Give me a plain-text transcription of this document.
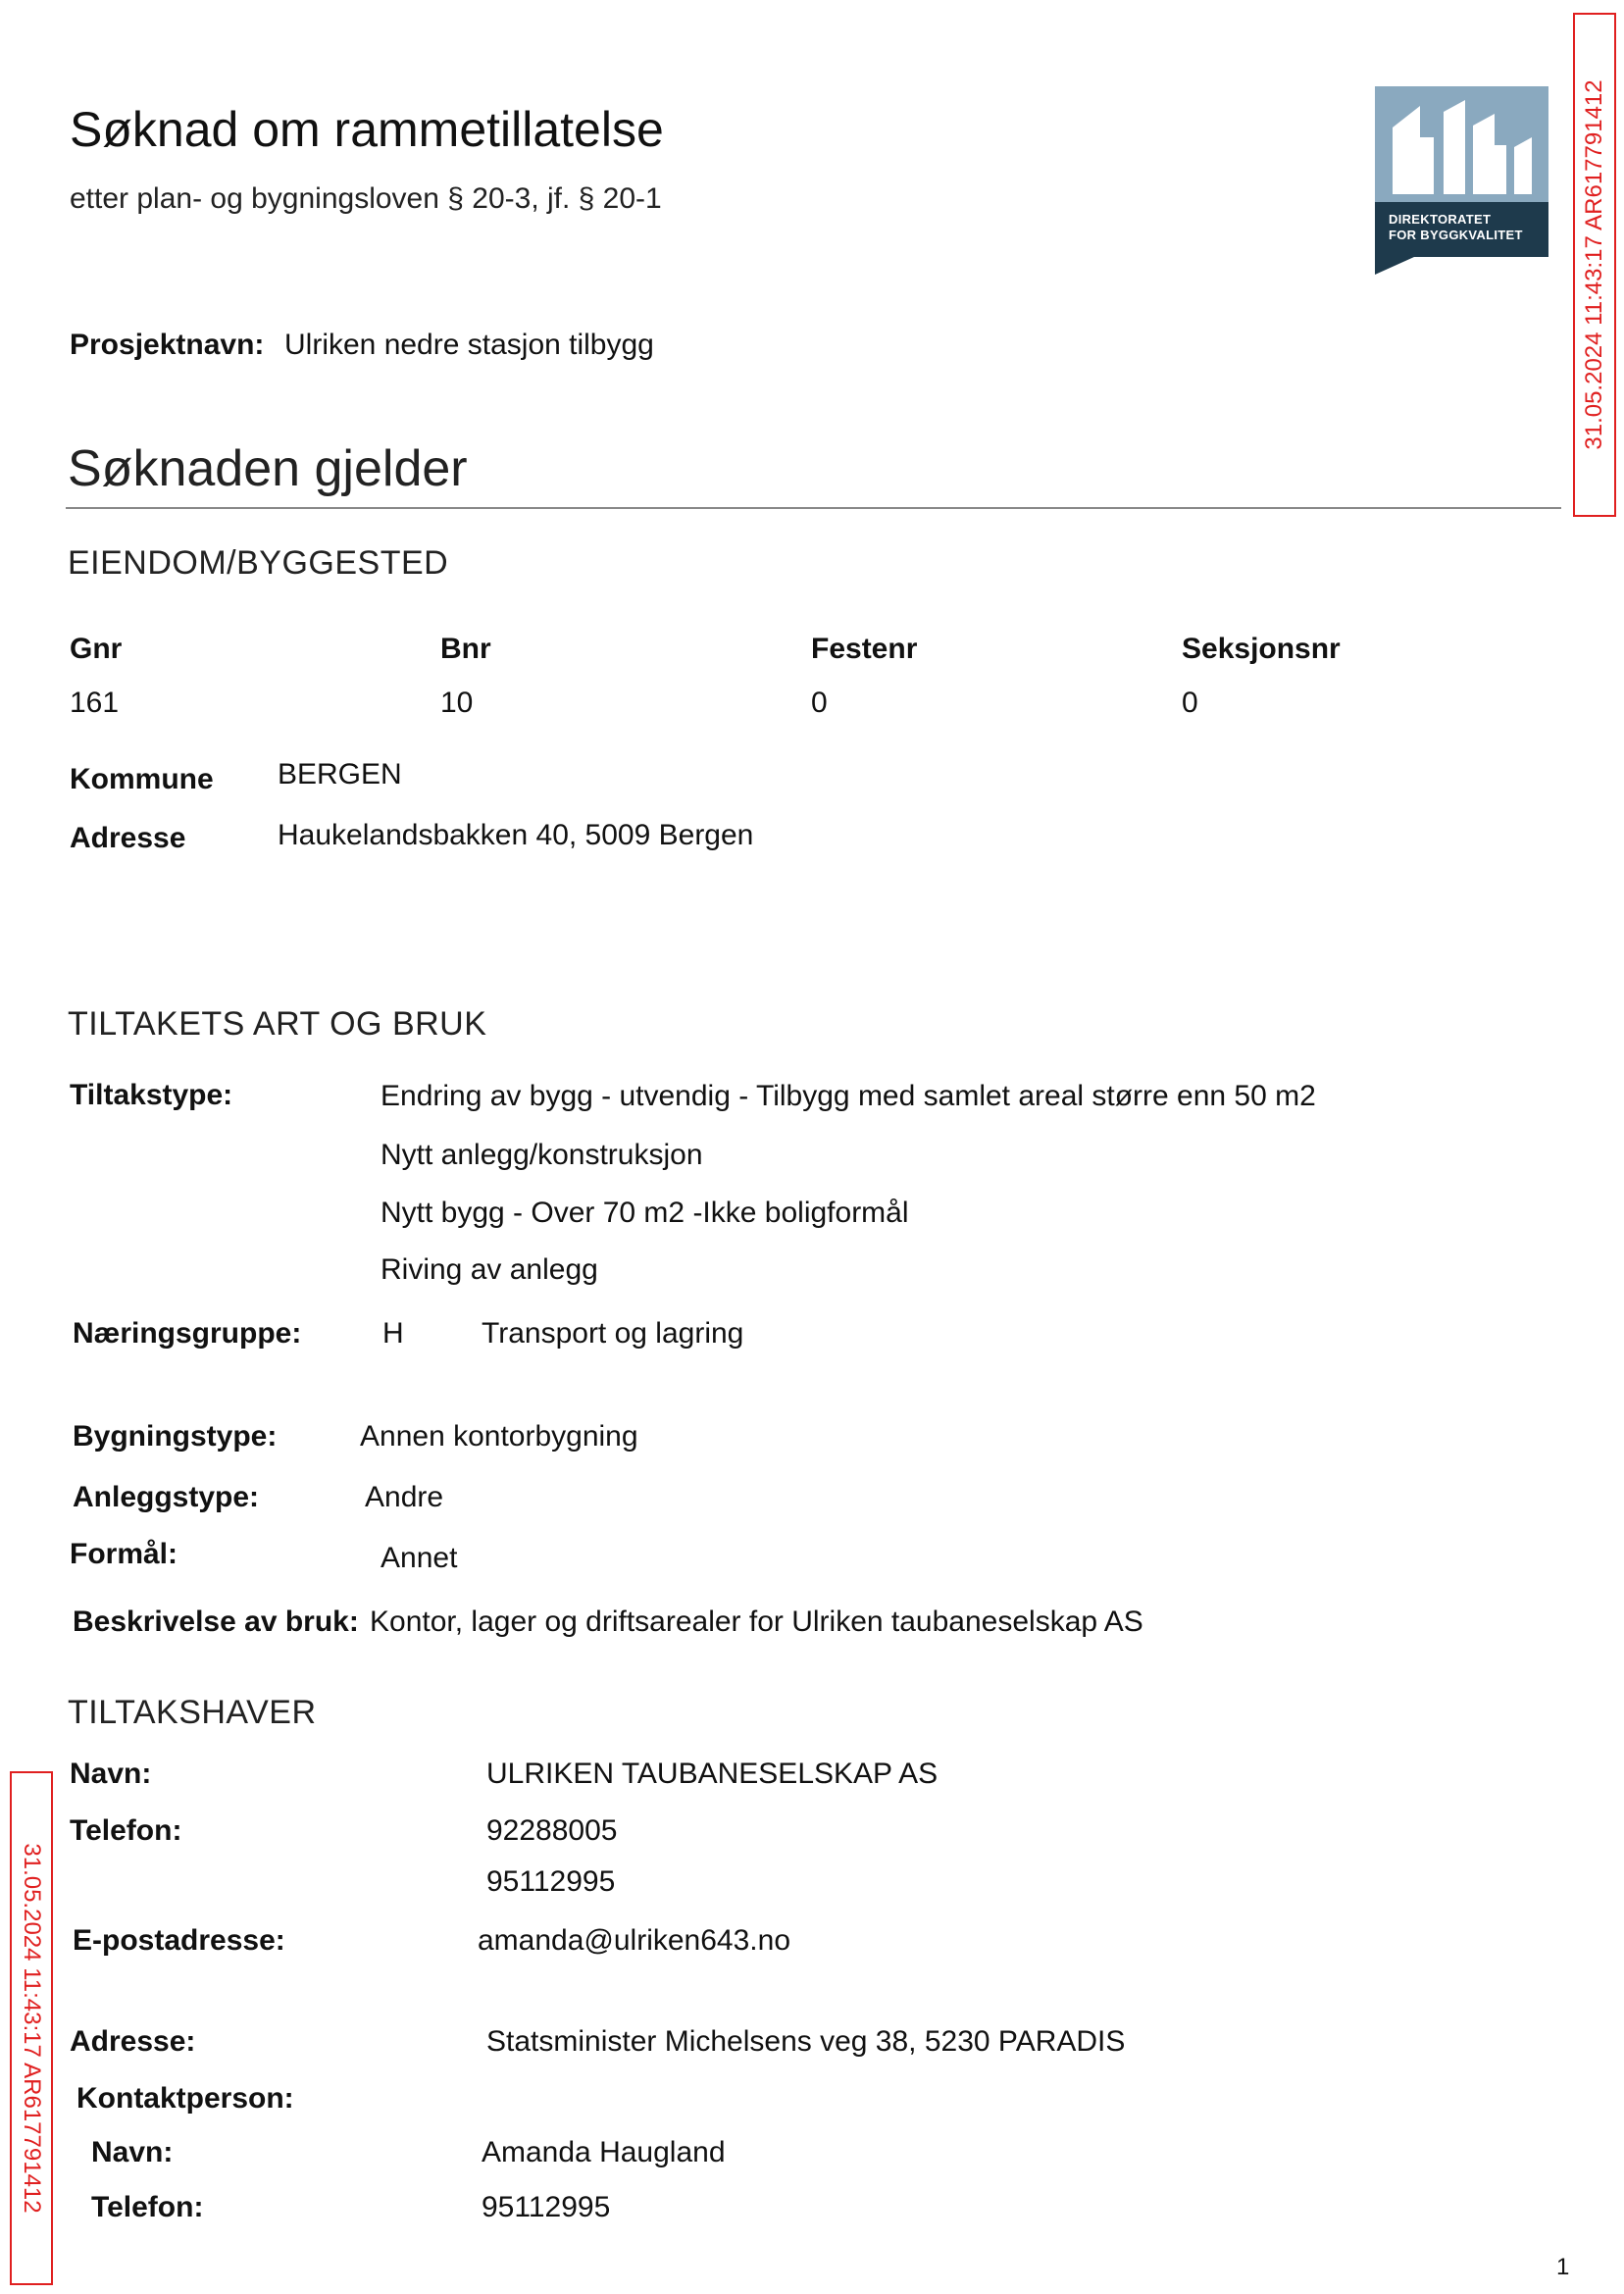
Søknad om rammetillatelse
etter plan- og bygningsloven § 20-3, jf. § 20-1
DIREKTORATET
FOR BYGGKVALITET 31.05.2024 11:43:17 AR617791412
Prosjektnavn: Ulriken nedre stasjon tilbygg
Søknaden gjelder
EIENDOM/BYGGESTED
Gnr	Bnr	Festenr	Seksjonsnr
161	10	0	0
Kommune BERGEN
Adresse	Haukelandsbakken 40, 5009 Bergen
TILTAKETS ART OG BRUK
Tiltakstype:	Endring av bygg - utvendig - Tilbygg med samlet areal større enn 50 m2
Nytt anlegg/konstruksjon
Nytt bygg - Over 70 m2 -Ikke boligformål
Riving av anlegg
Næringsgruppe:	H	Transport og lagring
Bygningstype:	Annen kontorbygning
Anleggstype:	Andre
Formål:	Annet
Beskrivelse av bruk: Kontor, lager og driftsarealer for Ulriken taubaneselskap AS
TILTAKSHAVER
Navn:	ULRIKEN TAUBANESELSKAP AS
Telefon:	92288005
95112995
E-postadresse:	amanda@ulriken643.no
Adresse:	Statsminister Michelsens veg 38, 5230 PARADIS
Kontaktperson:
Navn:	Amanda Haugland
Telefon:	95112995
31.05.2024 11:43:17 AR617791412
1
